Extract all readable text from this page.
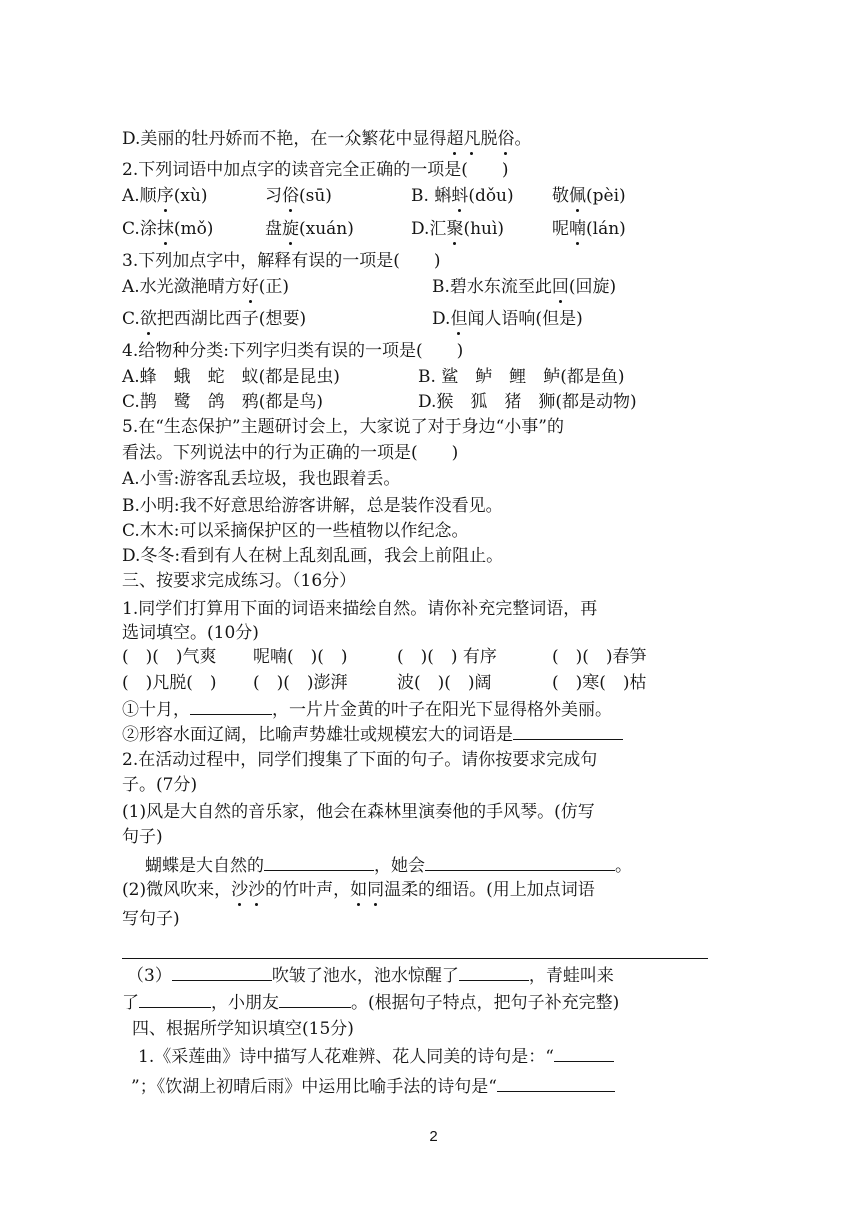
D.美丽的牡丹娇而不艳，在一众繁花中显得超凡脱俗。
2.下列词语中加点字的读音完全正确的一项是(　　)
A.顺序(xù)	习俗(sū)	B. 蝌蚪(dǒu) 敬佩(pèi)
C.涂抹(mǒ)	盘旋(xuán)	D.汇聚(huì)	呢喃(lán)
3.下列加点字中，解释有误的一项是(　　)
A.水光潋滟晴方好(正)	B.碧水东流至此回(回旋)
C.欲把西湖比西子(想要)	D.但闻人语响(但是)
4.给物种分类:下列字归类有误的一项是(　　)
A.蜂　蛾　蛇　蚁(都是昆虫)	B. 鲨　鲈　鲤　鲈(都是鱼)
C.鹊　鹭　鸽　鸦(都是鸟)	D.猴　狐　猪　狮(都是动物)
5.在“生态保护”主题研讨会上，大家说了对于身边“小事”的
看法。下列说法中的行为正确的一项是(　　)
A.小雪:游客乱丢垃圾，我也跟着丢。
B.小明:我不好意思给游客讲解，总是装作没看见。
C.木木:可以采摘保护区的一些植物以作纪念。
D.冬冬:看到有人在树上乱刻乱画，我会上前阻止。
三、按要求完成练习。（16分）
1.同学们打算用下面的词语来描绘自然。请你补充完整词语，再
选词填空。(10分)
(　)(　)气爽 呢喃(　)(　)	(　)(　) 有序	(　)(　)春笋
(　)凡脱(　) (　)(　)澎湃	波(　)(　)阔	(　)寒(　)枯
①十月，	，一片片金黄的叶子在阳光下显得格外美丽。
②形容水面辽阔，比喻声势雄壮或规模宏大的词语是
2.在活动过程中，同学们搜集了下面的句子。请你按要求完成句
子。(7分)
(1)风是大自然的音乐家，他会在森林里演奏他的手风琴。(仿写
句子)
蝴蝶是大自然的	，她会	。
(2)微风吹来，沙沙的竹叶声，如同温柔的细语。(用上加点词语
写句子)
（3）	吹皱了池水，池水惊醒了	，青蛙叫来
了	，小朋友	。(根据句子特点，把句子补充完整)
四、根据所学知识填空(15分)
1.《采莲曲》诗中描写人花难辨、花人同美的诗句是：“
”；《饮湖上初晴后雨》中运用比喻手法的诗句是“
2
